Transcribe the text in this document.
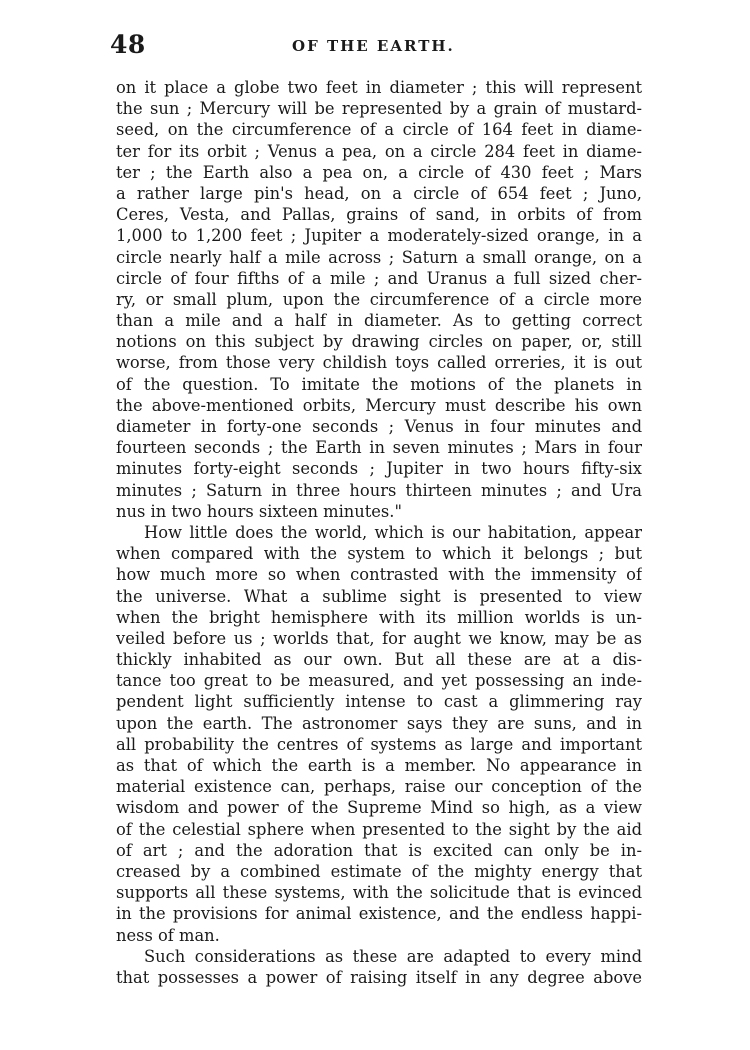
48	OF THE EARTH.
on it place a globe two feet in diameter ; this will represent
the sun ; Mercury will be represented by a grain of mustard-
seed, on the circumference of a circle of 164 feet in diame-
ter for its orbit ; Venus a pea, on a circle 284 feet in diame-
ter ; the Earth also a pea on, a circle of 430 feet ; Mars
a rather large pin's head, on a circle of 654 feet ; Juno,
Ceres, Vesta, and Pallas, grains of sand, in orbits of from
1,000 to 1,200 feet ; Jupiter a moderately-sized orange, in a
circle nearly half a mile across ; Saturn a small orange, on a
circle of four fifths of a mile ; and Uranus a full sized cher-
ry, or small plum, upon the circumference of a circle more
than a mile and a half in diameter. As to getting correct
notions on this subject by drawing circles on paper, or, still
worse, from those very childish toys called orreries, it is out
of the question. To imitate the motions of the planets in
the above-mentioned orbits, Mercury must describe his own
diameter in forty-one seconds ; Venus in four minutes and
fourteen seconds ; the Earth in seven minutes ; Mars in four
minutes forty-eight seconds ; Jupiter in two hours fifty-six
minutes ; Saturn in three hours thirteen minutes ; and Ura
nus in two hours sixteen minutes."
How little does the world, which is our habitation, appear
when compared with the system to which it belongs ; but
how much more so when contrasted with the immensity of
the universe. What a sublime sight is presented to view
when the bright hemisphere with its million worlds is un-
veiled before us ; worlds that, for aught we know, may be as
thickly inhabited as our own. But all these are at a dis-
tance too great to be measured, and yet possessing an inde-
pendent light sufficiently intense to cast a glimmering ray
upon the earth. The astronomer says they are suns, and in
all probability the centres of systems as large and important
as that of which the earth is a member. No appearance in
material existence can, perhaps, raise our conception of the
wisdom and power of the Supreme Mind so high, as a view
of the celestial sphere when presented to the sight by the aid
of art ; and the adoration that is excited can only be in-
creased by a combined estimate of the mighty energy that
supports all these systems, with the solicitude that is evinced
in the provisions for animal existence, and the endless happi-
ness of man.
Such considerations as these are adapted to every mind
that possesses a power of raising itself in any degree above
